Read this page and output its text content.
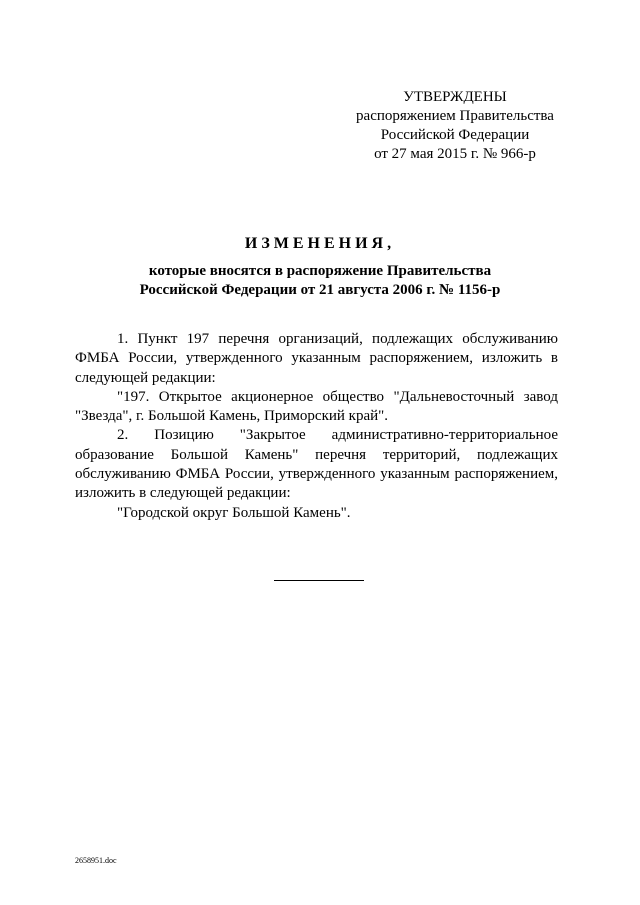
УТВЕРЖДЕНЫ
распоряжением Правительства
Российской Федерации
от 27 мая 2015 г. № 966-р
ИЗМЕНЕНИЯ,
которые вносятся в распоряжение Правительства
Российской Федерации от 21 августа 2006 г. № 1156-р

1. Пункт 197 перечня организаций, подлежащих обслуживанию ФМБА России, утвержденного указанным распоряжением, изложить в следующей редакции:

"197. Открытое акционерное общество "Дальневосточный завод "Звезда", г. Большой Камень, Приморский край".

2. Позицию "Закрытое административно-территориальное образование Большой Камень" перечня территорий, подлежащих обслуживанию ФМБА России, утвержденного указанным распоряжением, изложить в следующей редакции:

"Городской округ Большой Камень".

2658951.doc
